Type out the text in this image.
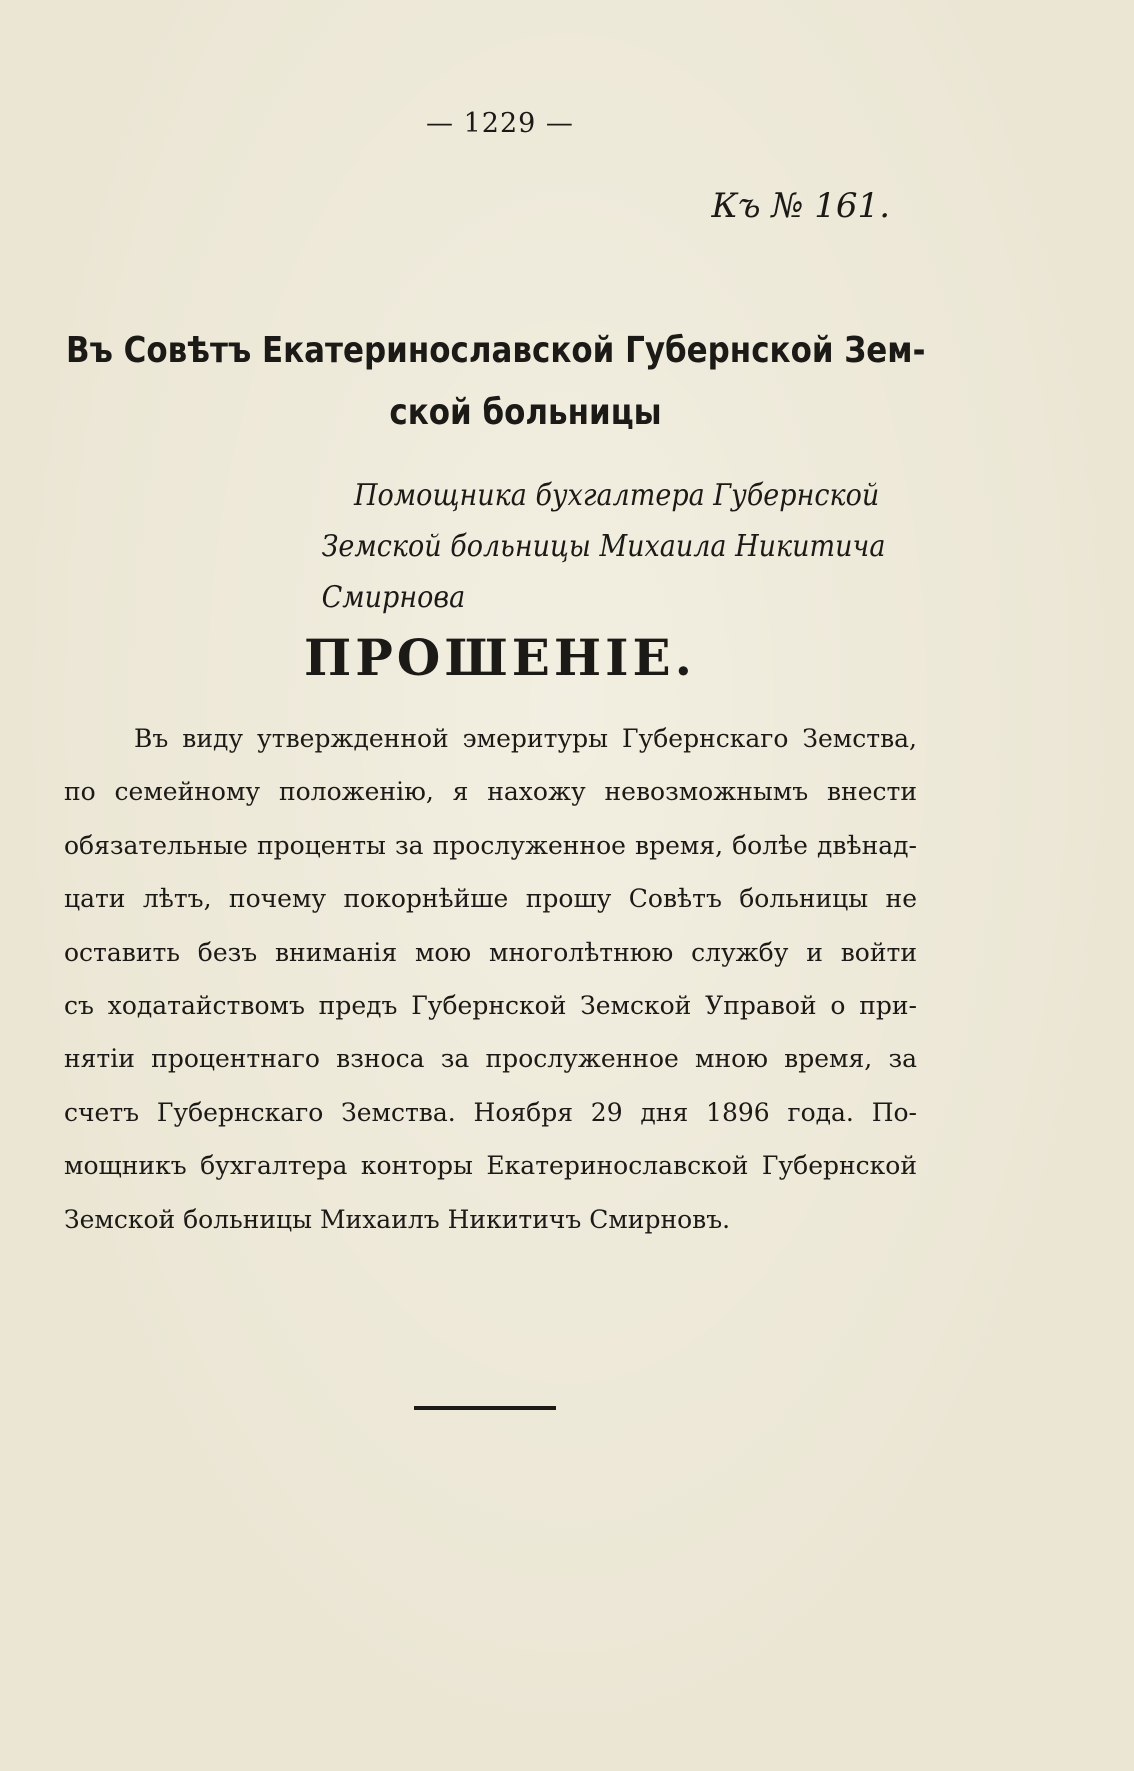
— 1229 —
Къ № 161.
Въ Совѣтъ Екатеринославской Губернской Зем-
ской больницы
Помощника бухгалтера Губернской
Земской больницы Михаила Никитича
Смирнова
ПРОШЕНІЕ.
Въ виду утвержденной эмеритуры Губернскаго Земства,
по семейному положенію, я нахожу невозможнымъ внести
обязательные проценты за прослуженное время, болѣе двѣнад-
цати лѣтъ, почему покорнѣйше прошу Совѣтъ больницы не
оставить безъ вниманія мою многолѣтнюю службу и войти
съ ходатайствомъ предъ Губернской Земской Управой о при-
нятіи процентнаго взноса за прослуженное мною время, за
счетъ Губернскаго Земства. Ноября 29 дня 1896 года. По-
мощникъ бухгалтера конторы Екатеринославской Губернской
Земской больницы Михаилъ Никитичъ Смирновъ.
